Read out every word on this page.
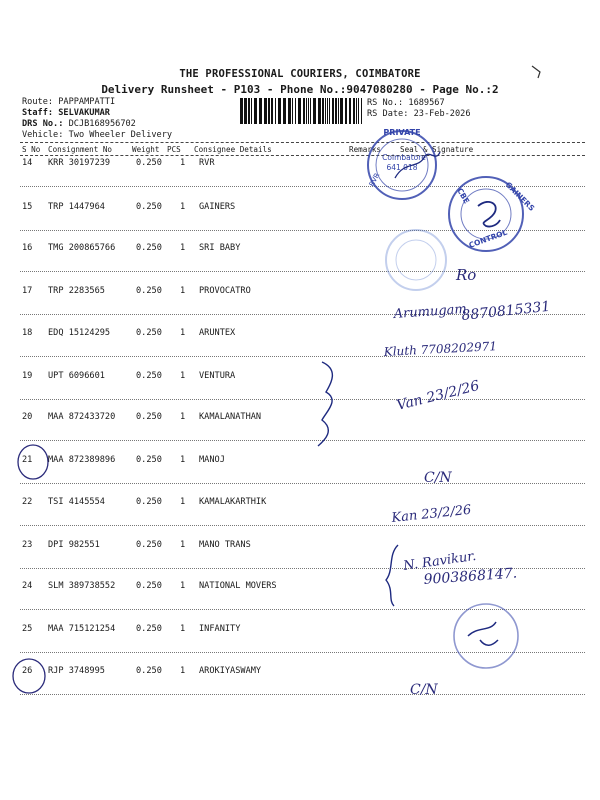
THE PROFESSIONAL COURIERS, COIMBATORE
Delivery Runsheet - P103 - Phone No.:9047080280 - Page No.:2
Route: PAPPAMPATTI
Staff: SELVAKUMAR
DRS No.: DCJB168956702
Vehicle: Two Wheeler Delivery
RS No.: 1689567
RS Date: 23-Feb-2026
S No Consignment No	Weight PCS Consignee Details	Remarks Seal & Signature
14 KRR 30197239	0.250 1 RVR
15 TRP 1447964	0.250 1 GAINERS
16 TMG 200865766 0.250 1 SRI BABY
17 TRP 2283565	0.250 1 PROVOCATRO
18 EDQ 15124295	0.250 1 ARUNTEX
19 UPT 6096601	0.250 1 VENTURA
20 MAA 872433720 0.250 1 KAMALANATHAN
21 MAA 872389896 0.250 1 MANOJ
22 TSI 4145554	0.250 1 KAMALAKARTHIK
23 DPI 982551	0.250 1 MANO TRANS
24 SLM 389738552 0.250 1 NATIONAL MOVERS
25 MAA 715121254 0.250 1 INFANITY
26 RJP 3748995	0.250 1 AROKIYASWAMY
PRIVATE
Coimbatore
641 018
RVR
GAINERS
CBE
CONTROL
Ro
Arumugam
8870815331
Kluth 7708202971
Van 23/2/26
C/N
Kan 23/2/26
N. Ravikur.
9003868147.
C/N
